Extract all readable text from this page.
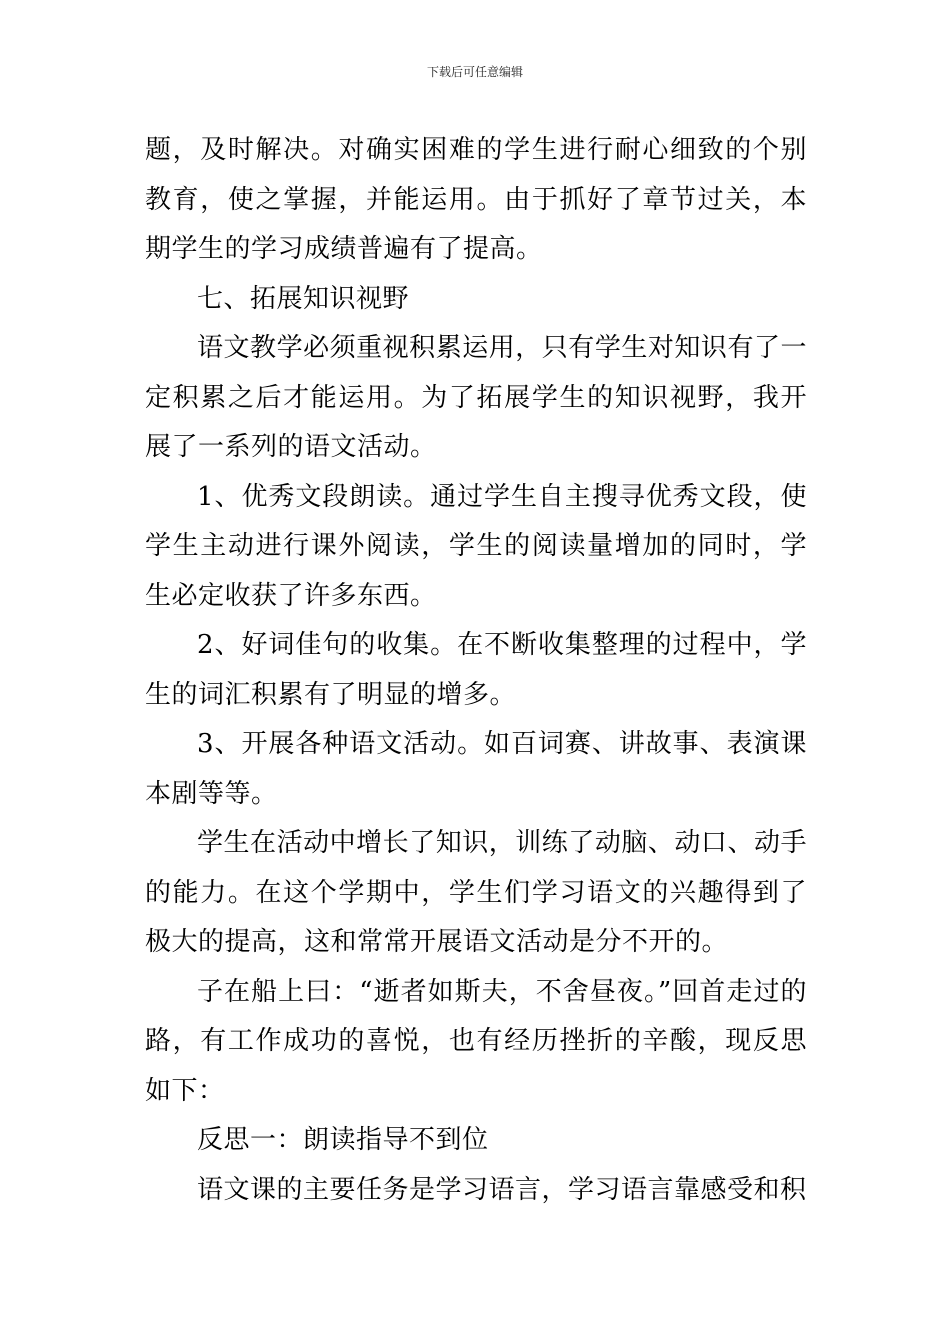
下载后可任意编辑

题，及时解决。对确实困难的学生进行耐心细致的个别教育，使之掌握，并能运用。由于抓好了章节过关，本期学生的学习成绩普遍有了提高。

七、拓展知识视野

语文教学必须重视积累运用，只有学生对知识有了一定积累之后才能运用。为了拓展学生的知识视野，我开展了一系列的语文活动。

1、优秀文段朗读。通过学生自主搜寻优秀文段，使学生主动进行课外阅读，学生的阅读量增加的同时，学生必定收获了许多东西。

2、好词佳句的收集。在不断收集整理的过程中，学生的词汇积累有了明显的增多。

3、开展各种语文活动。如百词赛、讲故事、表演课本剧等等。

学生在活动中增长了知识，训练了动脑、动口、动手的能力。在这个学期中，学生们学习语文的兴趣得到了极大的提高，这和常常开展语文活动是分不开的。

子在船上曰：“逝者如斯夫，不舍昼夜。”回首走过的路，有工作成功的喜悦，也有经历挫折的辛酸，现反思如下：

反思一：朗读指导不到位

语文课的主要任务是学习语言，学习语言靠感受和积
